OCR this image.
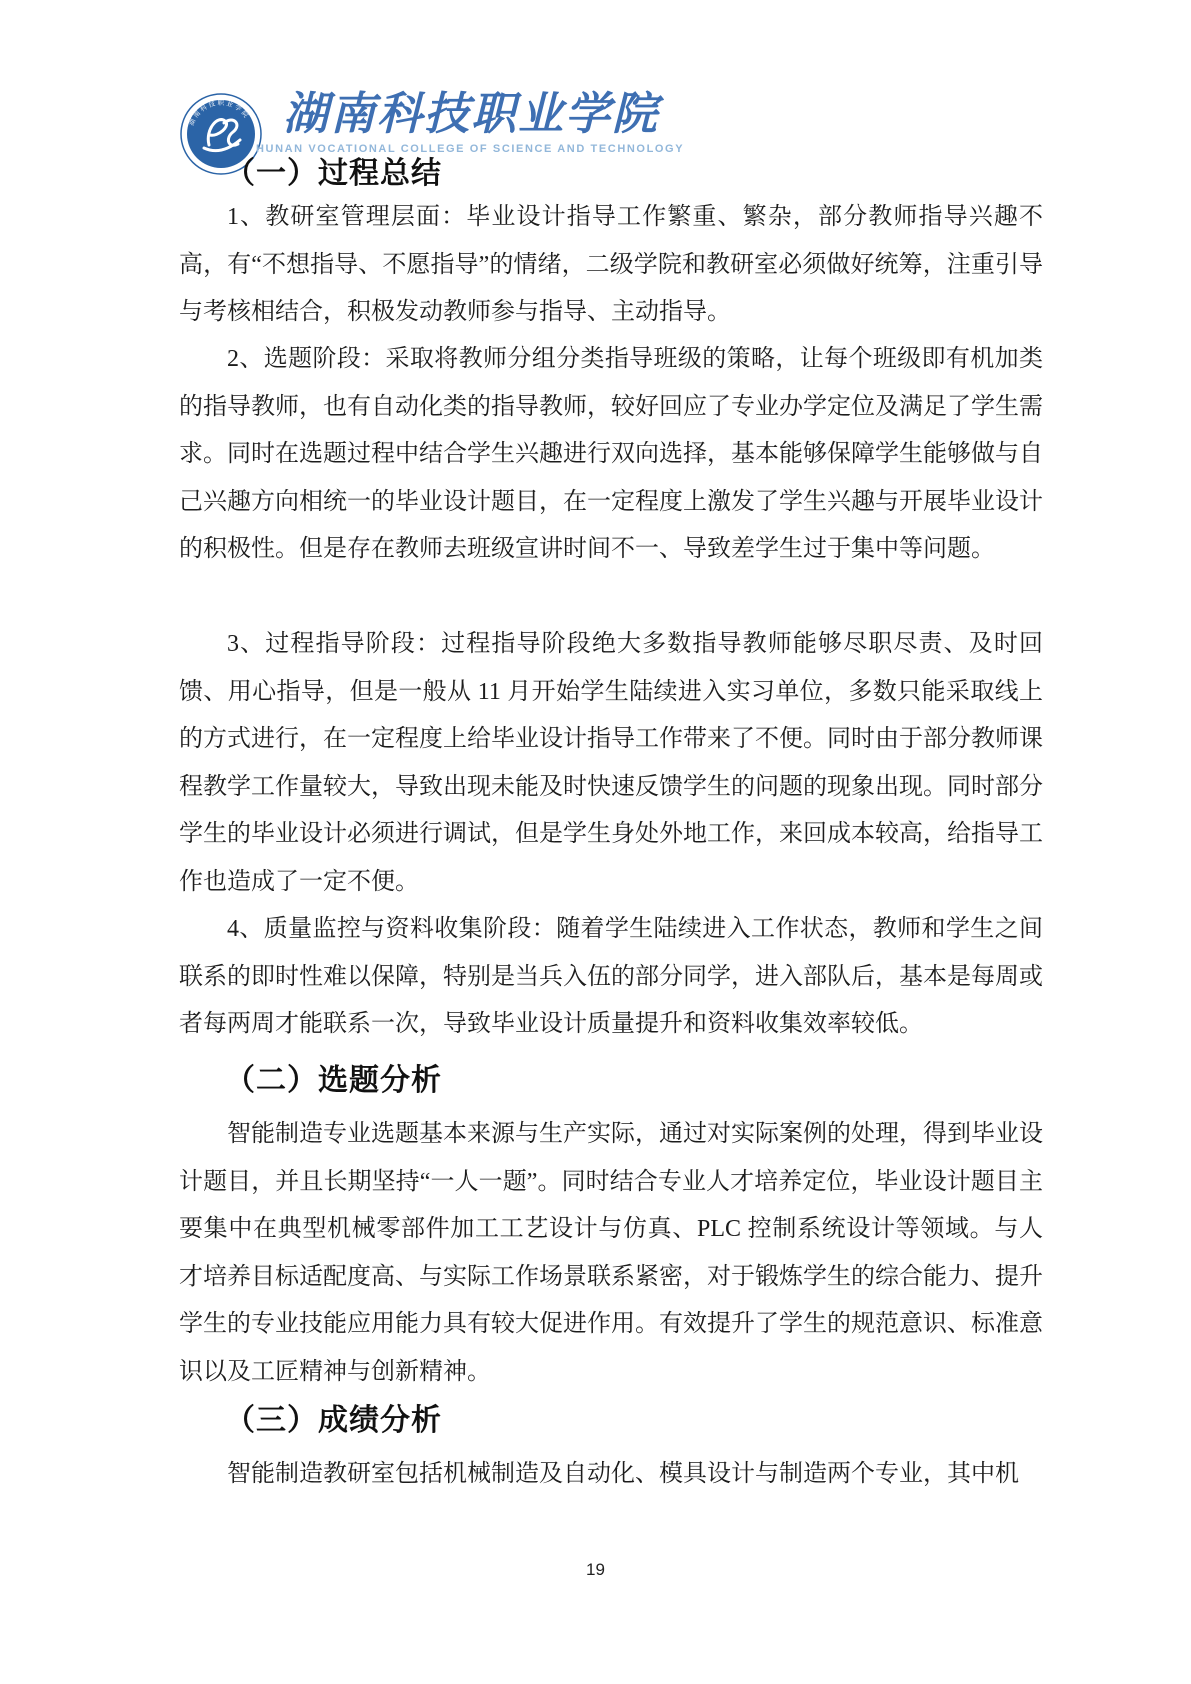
湖南科技职业学院 湖南科技职业学院
HUNAN VOCATIONAL COLLEGE OF SCIENCE AND TECHNOLOGY
（一）过程总结

1、教研室管理层面：毕业设计指导工作繁重、繁杂，部分教师指导兴趣不高，有“不想指导、不愿指导”的情绪，二级学院和教研室必须做好统筹，注重引导与考核相结合，积极发动教师参与指导、主动指导。

2、选题阶段：采取将教师分组分类指导班级的策略，让每个班级即有机加类的指导教师，也有自动化类的指导教师，较好回应了专业办学定位及满足了学生需求。同时在选题过程中结合学生兴趣进行双向选择，基本能够保障学生能够做与自己兴趣方向相统一的毕业设计题目，在一定程度上激发了学生兴趣与开展毕业设计的积极性。但是存在教师去班级宣讲时间不一、导致差学生过于集中等问题。

3、过程指导阶段：过程指导阶段绝大多数指导教师能够尽职尽责、及时回馈、用心指导，但是一般从 11 月开始学生陆续进入实习单位，多数只能采取线上的方式进行，在一定程度上给毕业设计指导工作带来了不便。同时由于部分教师课程教学工作量较大，导致出现未能及时快速反馈学生的问题的现象出现。同时部分学生的毕业设计必须进行调试，但是学生身处外地工作，来回成本较高，给指导工作也造成了一定不便。

4、质量监控与资料收集阶段：随着学生陆续进入工作状态，教师和学生之间联系的即时性难以保障，特别是当兵入伍的部分同学，进入部队后，基本是每周或者每两周才能联系一次，导致毕业设计质量提升和资料收集效率较低。

（二）选题分析

智能制造专业选题基本来源与生产实际，通过对实际案例的处理，得到毕业设计题目，并且长期坚持“一人一题”。同时结合专业人才培养定位，毕业设计题目主要集中在典型机械零部件加工工艺设计与仿真、PLC 控制系统设计等领域。与人才培养目标适配度高、与实际工作场景联系紧密，对于锻炼学生的综合能力、提升学生的专业技能应用能力具有较大促进作用。有效提升了学生的规范意识、标准意识以及工匠精神与创新精神。

（三）成绩分析

智能制造教研室包括机械制造及自动化、模具设计与制造两个专业，其中机

19
